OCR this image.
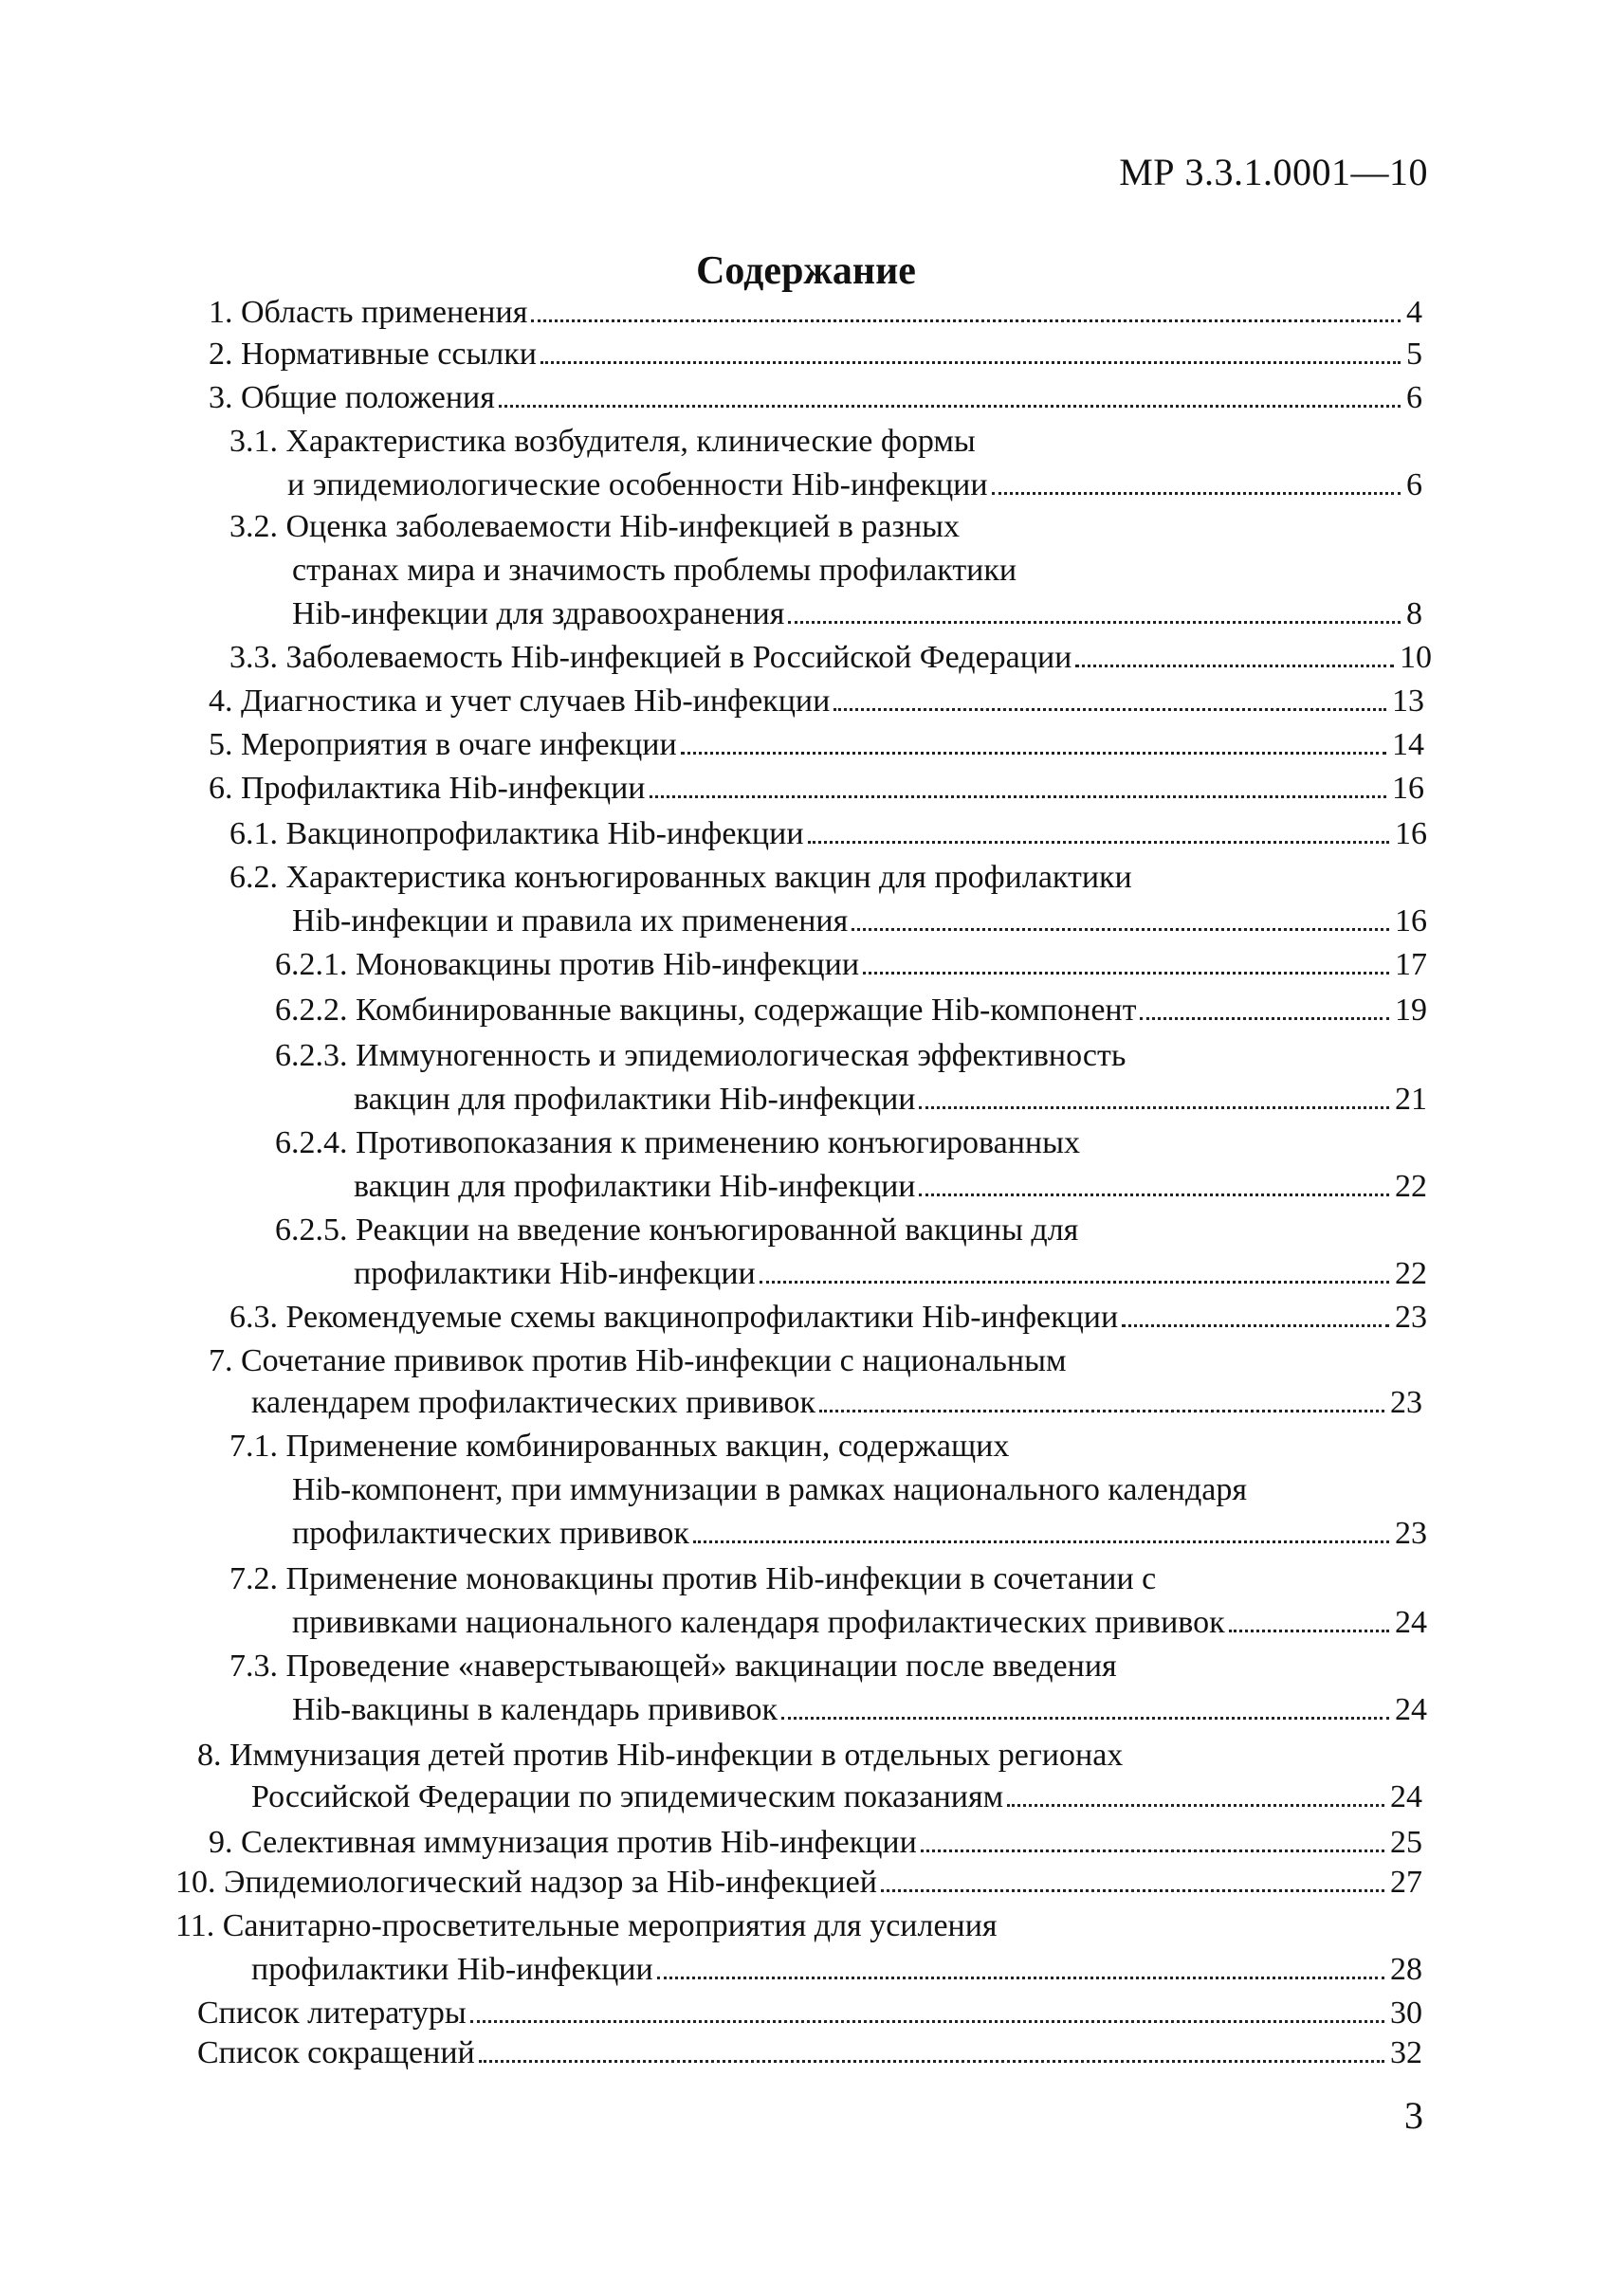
МР 3.3.1.0001—10
Содержание
1. Область применения	4
2. Нормативные ссылки	5
3. Общие положения	6
3.1. Характеристика возбудителя, клинические формы
и эпидемиологические особенности Hib-инфекции	6
3.2. Оценка заболеваемости Hib-инфекцией в разных
странах мира и значимость проблемы профилактики
Hib-инфекции для здравоохранения	8
3.3. Заболеваемость Hib-инфекцией в Российской Федерации	10
4. Диагностика и учет случаев Hib-инфекции	13
5. Мероприятия в очаге инфекции	14
6. Профилактика Hib-инфекции	16
6.1. Вакцинопрофилактика Hib-инфекции	16
6.2. Характеристика конъюгированных вакцин для профилактики
Hib-инфекции и правила их применения	16
6.2.1. Моновакцины против Hib-инфекции	17
6.2.2. Комбинированные вакцины, содержащие Hib-компонент	19
6.2.3. Иммуногенность и эпидемиологическая эффективность
вакцин для профилактики Hib-инфекции	21
6.2.4. Противопоказания к применению конъюгированных
вакцин для профилактики Hib-инфекции	22
6.2.5. Реакции на введение конъюгированной вакцины для
профилактики Hib-инфекции	22
6.3. Рекомендуемые схемы вакцинопрофилактики Hib-инфекции	23
7. Сочетание прививок против Hib-инфекции с национальным
календарем профилактических прививок	23
7.1. Применение комбинированных вакцин, содержащих
Hib-компонент, при иммунизации в рамках национального календаря
профилактических прививок	23
7.2. Применение моновакцины против Hib-инфекции в сочетании с
прививками национального календаря профилактических прививок	24
7.3. Проведение «наверстывающей» вакцинации после введения
Hib-вакцины в календарь прививок	24
8. Иммунизация детей против Hib-инфекции в отдельных регионах
Российской Федерации по эпидемическим показаниям	24
9. Селективная иммунизация против Hib-инфекции	25
10. Эпидемиологический надзор за Hib-инфекцией	27
11. Санитарно-просветительные мероприятия для усиления
профилактики Hib-инфекции	28
Список литературы	30
Список сокращений	32
3
